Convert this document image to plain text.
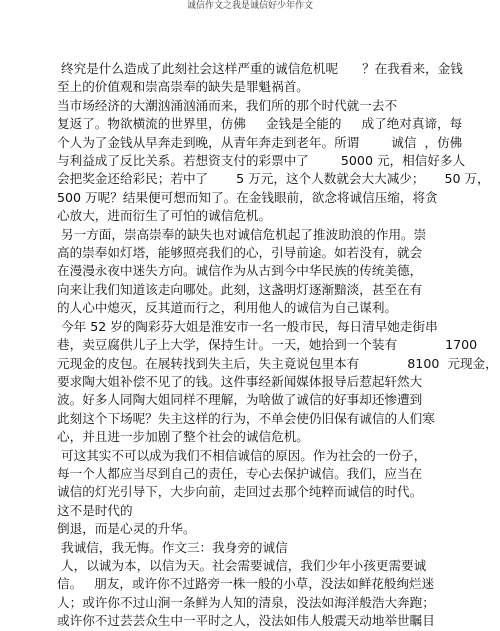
诚信作文之我是诚信好少年作文

终究是什么造成了此刻社会这样严重的诚信危机呢      ？在我看来，金钱

至上的价值观和崇高崇奉的缺失是罪魁祸首。

当市场经济的大潮汹涌汹涌而来，我们所的那个时代就一去不

复返了。物欲横流的世界里，仿佛     金钱是全能的     成了绝对真谛，每

个人为了金钱从早奔走到晚，从青年奔走到老年。所谓        诚信  ，仿佛

与利益成了反比关系。若想资支付的彩票中了        5000 元，相信好多人

会把奖金还给彩民；若中了       5 万元，这个人数就会大大减少；     50 万，

500 万呢？结果便可想而知了。在金钱眼前，欲念将诚信压缩，将贪

心放大，进而衍生了可怕的诚信危机。

另一方面，崇高崇奉的缺失也对诚信危机起了推波助浪的作用。崇

高的崇奉如灯塔，能够照亮我们的心，引导前途。如若没有，就会

在漫漫永夜中迷失方向。诚信作为从古到今中华民族的传统美德，

向来让我们知道该走向哪处。此刻，这盏明灯逐渐黯淡，甚至在有

的人心中熄灭，反其道而行之，利用他人的诚信为自己谋利。

今年 52 岁的陶彩芬大姐是淮安市一名一般市民，每日清早她走街串

巷，卖豆腐供儿子上大学，保持生计。一天，她拾到一个装有            1700

元现金的皮包。在展转找到失主后，失主竟说包里本有            8100  元现金，

要求陶大姐补偿不见了的钱。这件事经新闻媒体报导后惹起轩然大

波。好多人同陶大姐同样不理解，为啥做了诚信的好事却还惨遭到

此刻这个下场呢？失主这样的行为，不单会使仍旧保有诚信的人们寒

心，并且进一步加剧了整个社会的诚信危机。

可这其实不可以成为我们不相信诚信的原因。作为社会的一份子，

每一个人都应当尽到自己的责任，专心去保护诚信。我们，应当在

诚信的灯光引导下，大步向前，走回过去那个纯粹而诚信的时代。

这不是时代的

倒退，而是心灵的升华。

我诚信，我无悔。作文三：我身旁的诚信

人，以诚为本，以信为天。社会需要诚信，我们少年小孩更需要诚

信。   朋友，或许你不过路旁一株一般的小草，没法如鲜花般绚烂迷

人；或许你不过山涧一条鲜为人知的清泉，没法如海洋般浩大奔跑；

或许你不过芸芸众生中一平时之人，没法如伟人般震天动地举世瞩目
